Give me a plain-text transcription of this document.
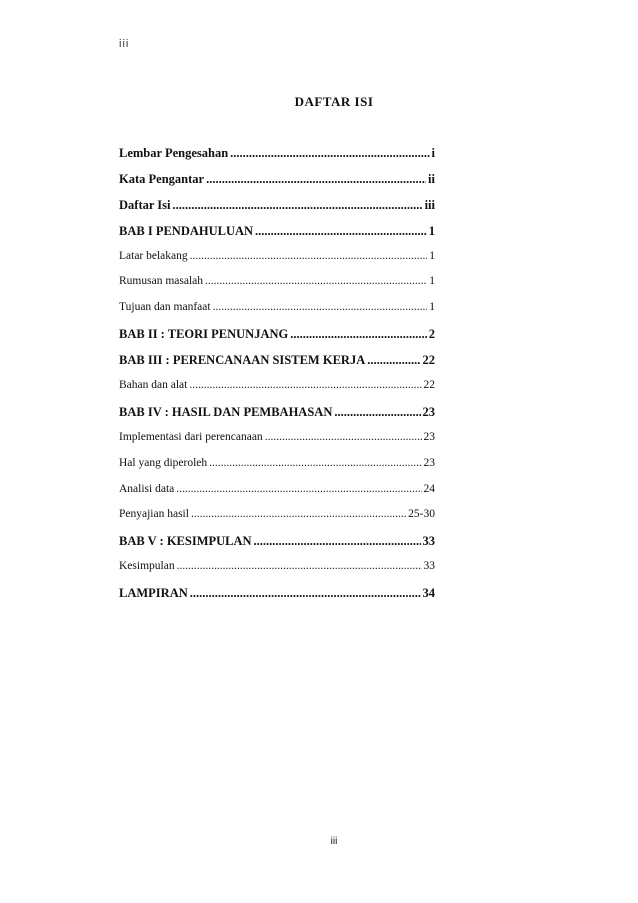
iii
DAFTAR ISI
Lembar Pengesahan .....	i
Kata Pengantar .....	ii
Daftar Isi .....	iii
BAB I PENDAHULUAN .....	1
Latar belakang .....	1
Rumusan masalah .....	1
Tujuan dan manfaat .....	1
BAB II : TEORI PENUNJANG .....	2
BAB III : PERENCANAAN SISTEM KERJA .....	22
Bahan dan alat .....	22
BAB IV : HASIL DAN PEMBAHASAN .....	23
Implementasi dari perencanaan .....	23
Hal yang diperoleh .....	23
Analisi data .....	24
Penyajian hasil .....	25-30
BAB V : KESIMPULAN .....	33
Kesimpulan .....	33
LAMPIRAN .....	34
iii
